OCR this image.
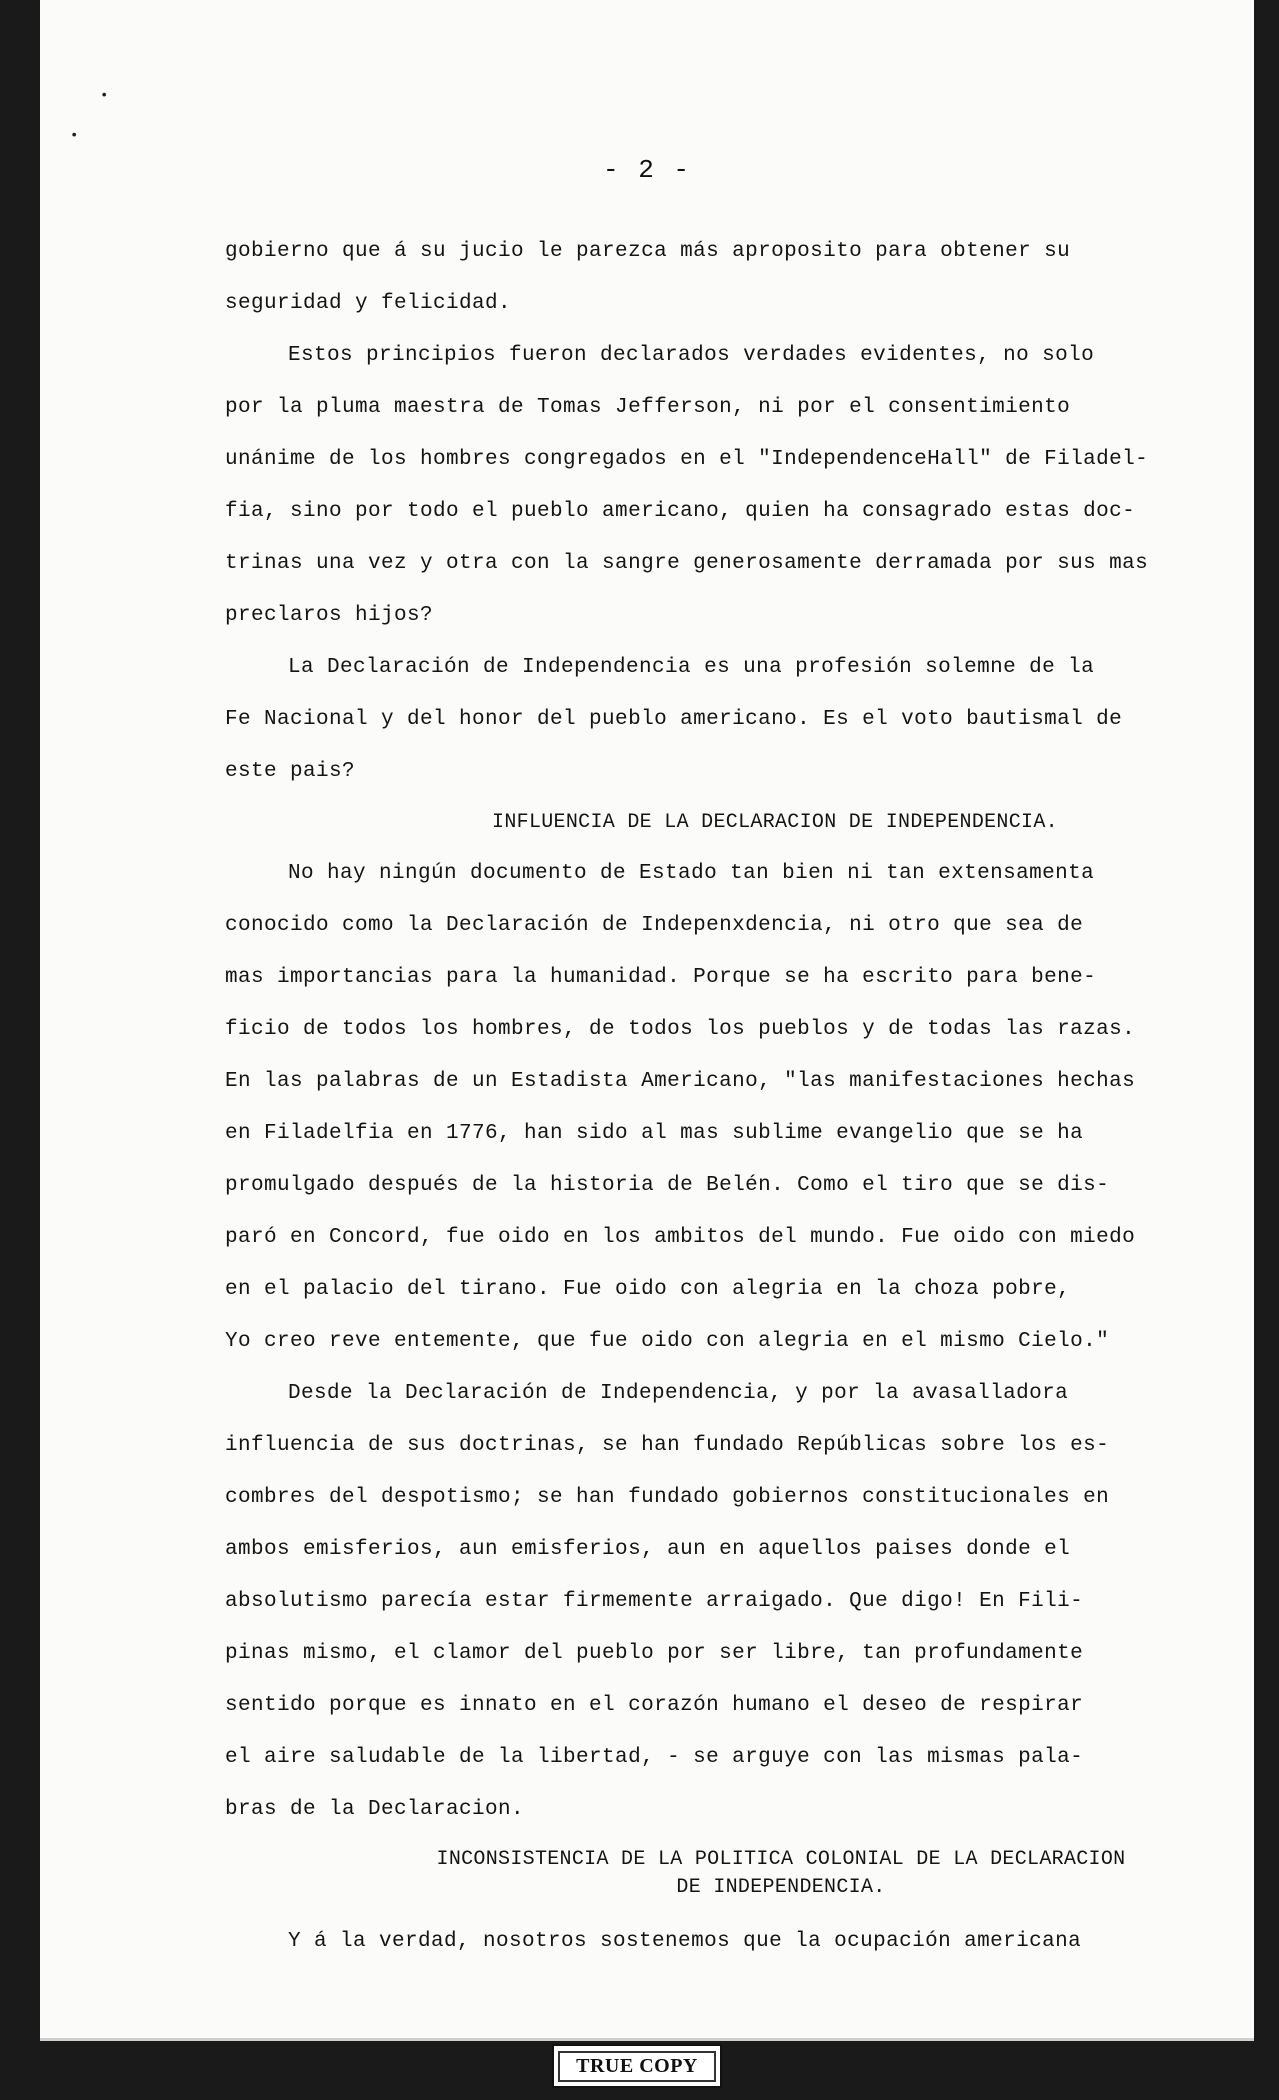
•
•
- 2 -
gobierno que á su jucio le parezca más aproposito para obtener su
seguridad y felicidad.
Estos principios fueron declarados verdades evidentes, no solo
por la pluma maestra de Tomas Jefferson, ni por el consentimiento
unánime de los hombres congregados en el "IndependenceHall" de Filadel-
fia, sino por todo el pueblo americano, quien ha consagrado estas doc-
trinas una vez y otra con la sangre generosamente derramada por sus mas
preclaros hijos?
La Declaración de Independencia es una profesión solemne de la
Fe Nacional y del honor del pueblo americano. Es el voto bautismal de
este pais?
INFLUENCIA DE LA DECLARACION DE INDEPENDENCIA.
No hay ningún documento de Estado tan bien ni tan extensamenta
conocido como la Declaración de Indepenxdencia, ni otro que sea de
mas importancias para la humanidad. Porque se ha escrito para bene-
ficio de todos los hombres, de todos los pueblos y de todas las razas.
En las palabras de un Estadista Americano, "las manifestaciones hechas
en Filadelfia en 1776, han sido al mas sublime evangelio que se ha
promulgado después de la historia de Belén. Como el tiro que se dis-
paró en Concord, fue oido en los ambitos del mundo. Fue oido con miedo
en el palacio del tirano. Fue oido con alegria en la choza pobre,
Yo creo reve entemente, que fue oido con alegria en el mismo Cielo."
Desde la Declaración de Independencia, y por la avasalladora
influencia de sus doctrinas, se han fundado Repúblicas sobre los es-
combres del despotismo; se han fundado gobiernos constitucionales en
ambos emisferios, aun emisferios, aun en aquellos paises donde el
absolutismo parecía estar firmemente arraigado. Que digo! En Fili-
pinas mismo, el clamor del pueblo por ser libre, tan profundamente
sentido porque es innato en el corazón humano el deseo de respirar
el aire saludable de la libertad, - se arguye con las mismas pala-
bras de la Declaracion.
INCONSISTENCIA DE LA POLITICA COLONIAL DE LA DECLARACION
DE INDEPENDENCIA.
Y á la verdad, nosotros sostenemos que la ocupación americana
TRUE COPY
